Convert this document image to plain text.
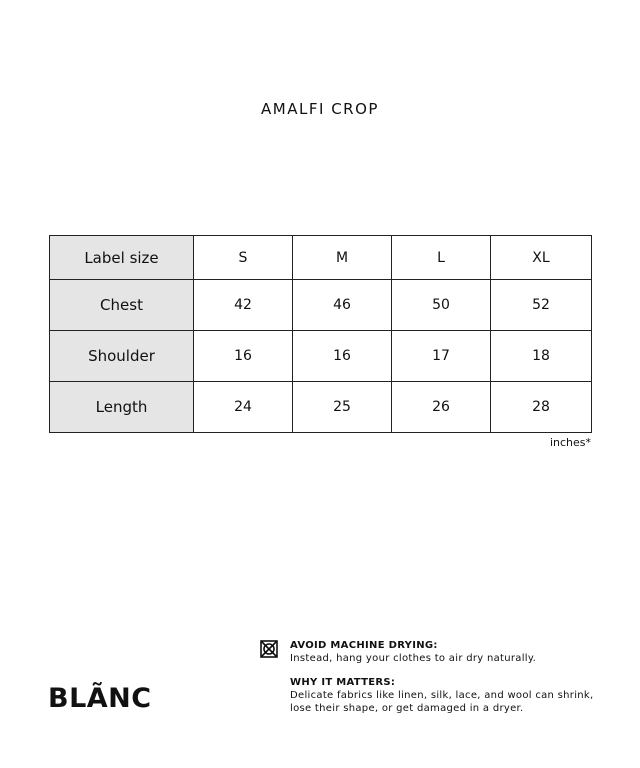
AMALFI CROP
Label size	S	M	L	XL
Chest	42	46	50	52
Shoulder	16	16	17	18
Length	24	25	26	28
inches*
BLÃNC
AVOID MACHINE DRYING:
Instead, hang your clothes to air dry naturally.
WHY IT MATTERS:
Delicate fabrics like linen, silk, lace, and wool can shrink,
lose their shape, or get damaged in a dryer.
